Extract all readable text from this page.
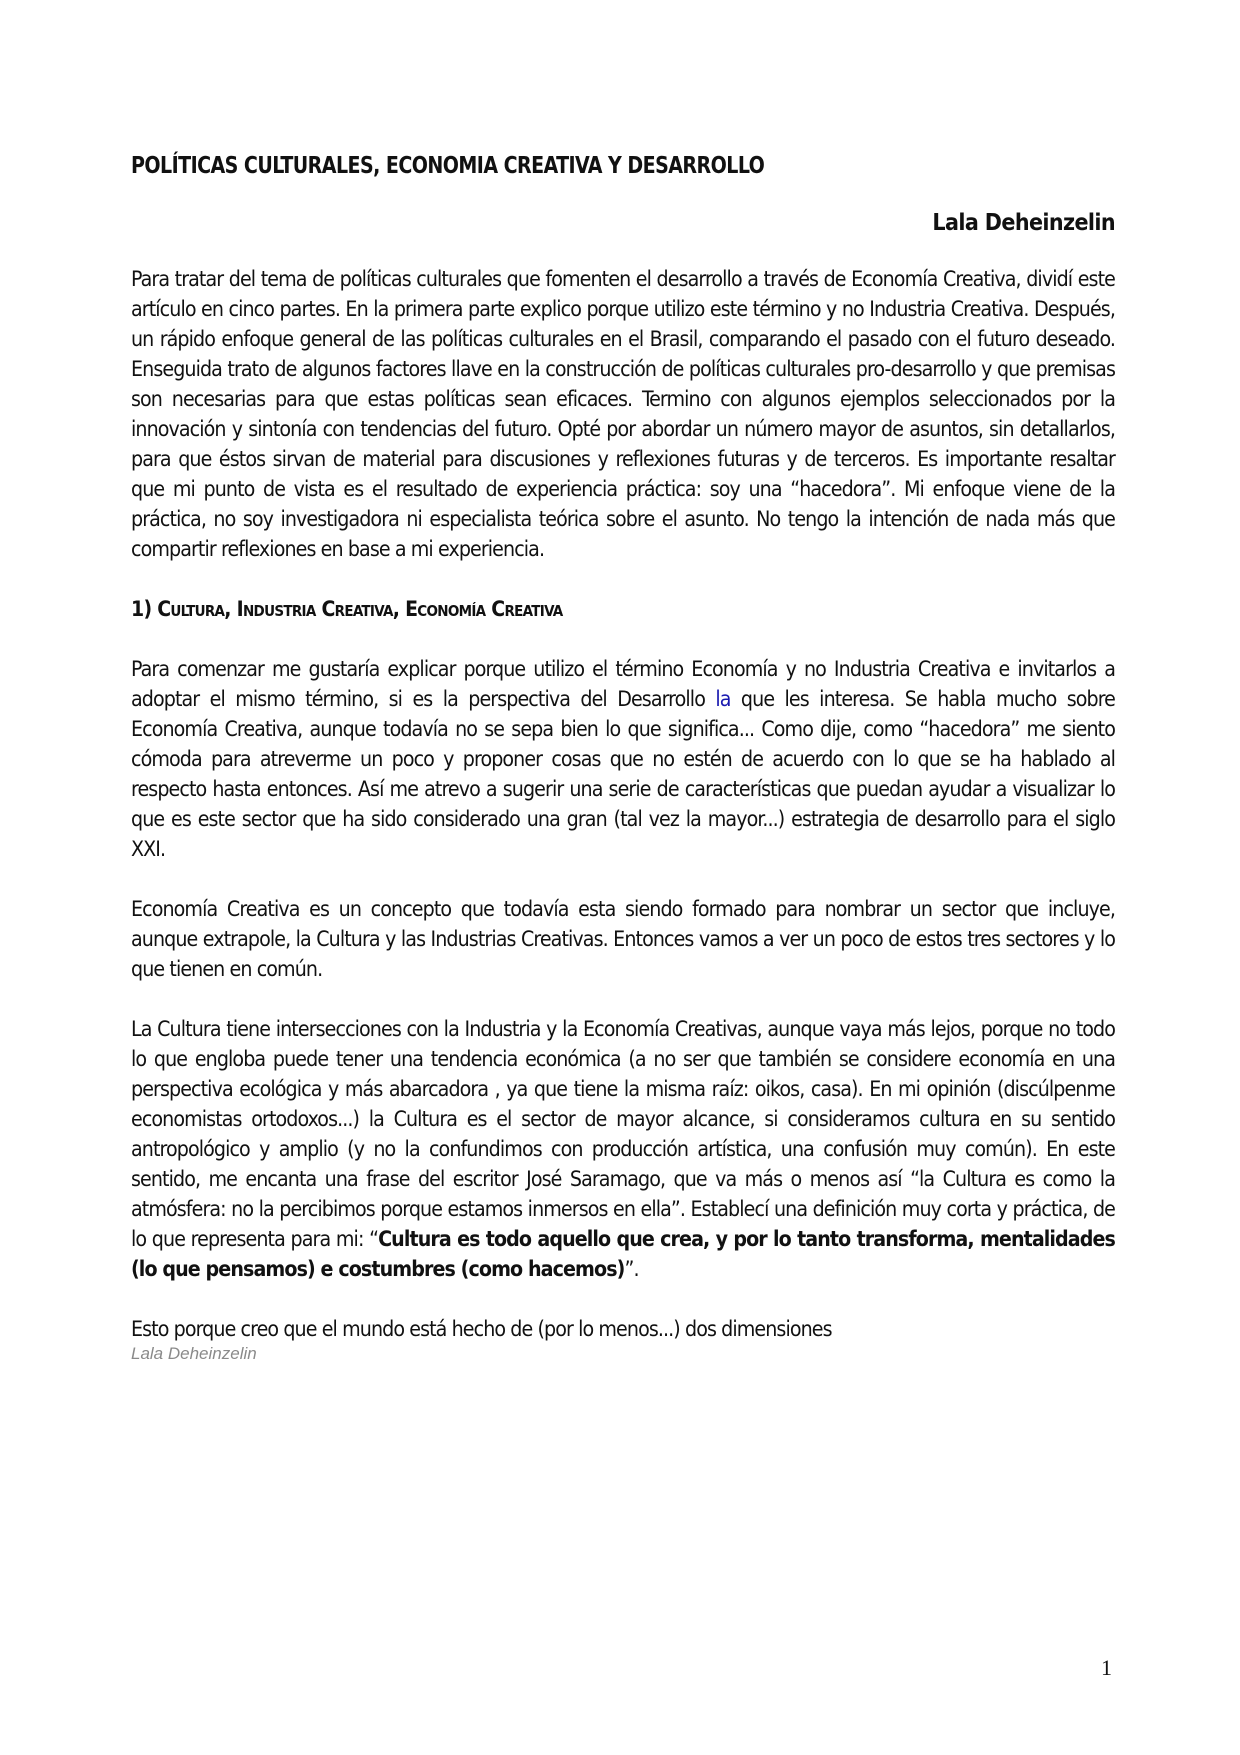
POLÍTICAS CULTURALES, ECONOMIA CREATIVA Y DESARROLLO
Lala Deheinzelin

Para tratar del tema de políticas culturales que fomenten el desarrollo a través de Economía Creativa, dividí este artículo en cinco partes. En la primera parte explico porque utilizo este término y no Industria Creativa. Después, un rápido enfoque general de las políticas culturales en el Brasil, comparando el pasado con el futuro deseado. Enseguida trato de algunos factores llave en la construcción de políticas culturales pro-desarrollo y que premisas son necesarias para que estas políticas sean eficaces. Termino con algunos ejemplos seleccionados por la innovación y sintonía con tendencias del futuro. Opté por abordar un número mayor de asuntos, sin detallarlos, para que éstos sirvan de material para discusiones y reflexiones futuras y de terceros. Es importante resaltar que mi punto de vista es el resultado de experiencia práctica: soy una “hacedora”. Mi enfoque viene de la práctica, no soy investigadora ni especialista teórica sobre el asunto. No tengo la intención de nada más que compartir reflexiones en base a mi experiencia.

1) Cultura, Industria Creativa, Economía Creativa

Para comenzar me gustaría explicar porque utilizo el término Economía y no Industria Creativa e invitarlos a adoptar el mismo término, si es la perspectiva del Desarrollo la que les interesa. Se habla mucho sobre Economía Creativa, aunque todavía no se sepa bien lo que significa... Como dije, como “hacedora” me siento cómoda para atreverme un poco y proponer cosas que no estén de acuerdo con lo que se ha hablado al respecto hasta entonces. Así me atrevo a sugerir una serie de características que puedan ayudar a visualizar lo que es este sector que ha sido considerado una gran (tal vez la mayor...) estrategia de desarrollo para el siglo XXI.

Economía Creativa es un concepto que todavía esta siendo formado para nombrar un sector que incluye, aunque extrapole, la Cultura y las Industrias Creativas. Entonces vamos a ver un poco de estos tres sectores y lo que tienen en común.

La Cultura tiene intersecciones con la Industria y la Economía Creativas, aunque vaya más lejos, porque no todo lo que engloba puede tener una tendencia económica (a no ser que también se considere economía en una perspectiva ecológica y más abarcadora , ya que tiene la misma raíz: oikos, casa). En mi opinión (discúlpenme economistas ortodoxos...) la Cultura es el sector de mayor alcance, si consideramos cultura en su sentido antropológico y amplio (y no la confundimos con producción artística, una confusión muy común). En este sentido, me encanta una frase del escritor José Saramago, que va más o menos así “la Cultura es como la atmósfera: no la percibimos porque estamos inmersos en ella”. Establecí una definición muy corta y práctica, de lo que representa para mi: “Cultura es todo aquello que crea, y por lo tanto transforma, mentalidades (lo que pensamos) e costumbres (como hacemos)”.

Esto porque creo que el mundo está hecho de (por lo menos...) dos dimensiones

Lala Deheinzelin
1
